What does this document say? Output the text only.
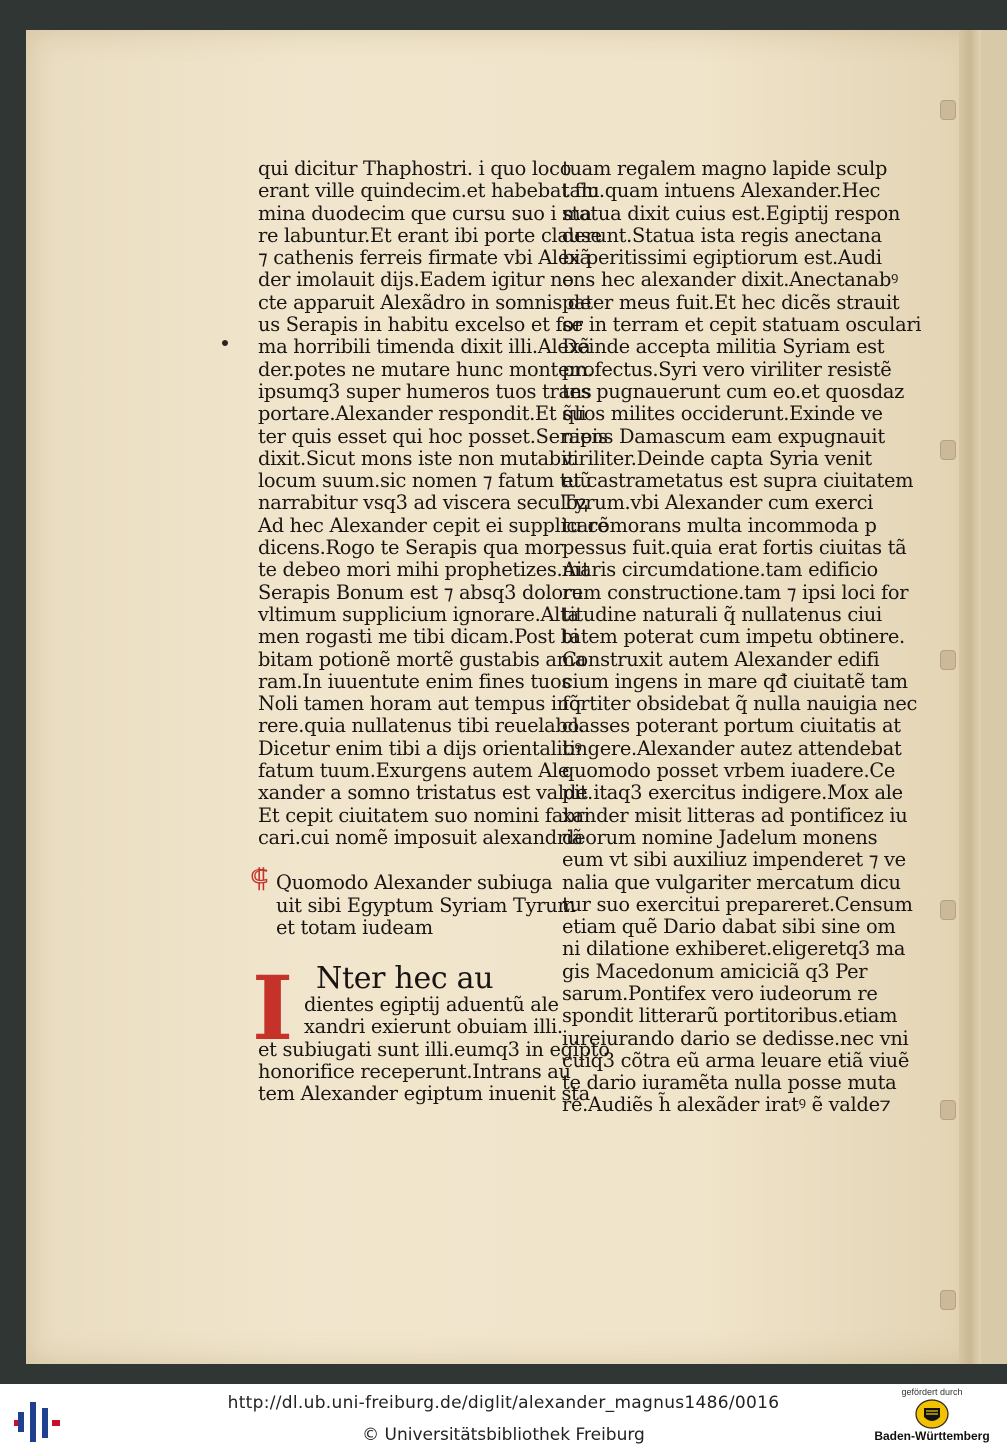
qui dicitur Thaphostri. i quo loco
erant ville quindecim.et habebat flu
mina duodecim que cursu suo i ma
re labuntur.Et erant ibi porte clause
⁊ cathenis ferreis firmate vbi Alexã
der imolauit dijs.Eadem igitur no
cte apparuit Alexãdro in somnis de
us Serapis in habitu excelso et for
ma horribili timenda dixit illi.Alexã
der.potes ne mutare hunc montem.
ipsumq3 super humeros tuos trans
portare.Alexander respondit.Et q̃li
ter quis esset qui hoc posset.Serapis
dixit.Sicut mons iste non mutabit
locum suum.sic nomen ⁊ fatum tuũ
narrabitur vsq3 ad viscera seculoꝝ
Ad hec Alexander cepit ei supplicare
dicens.Rogo te Serapis qua mor
te debeo mori mihi prophetizes.Ait
Serapis Bonum est ⁊ absq3 dolore
vltimum supplicium ignorare.Alta
men rogasti me tibi dicam.Post bi
bitam potionẽ mortẽ gustabis ama
ram.In iuuentute enim fines tuos
Noli tamen horam aut tempus inq̃
rere.quia nullatenus tibi reuelabo.
Dicetur enim tibi a dijs orientalibꝰ
fatum tuum.Exurgens autem Ale
xander a somno tristatus est valde.
Et cepit ciuitatem suo nomini fabri
cari.cui nomẽ imposuit alexandriã
⸿ Quomodo Alexander subiuga
uit sibi Egyptum Syriam Tyrum
et totam iudeam
I Nter hec au
dientes egiptij aduentũ ale
xandri exierunt obuiam illi.
et subiugati sunt illi.eumq3 in egipto
honorifice receperunt.Intrans au
tem Alexander egiptum inuenit sta
tuam regalem magno lapide sculp
tam.quam intuens Alexander.Hec
statua dixit cuius est.Egiptij respon
derunt.Statua ista regis anectana
bi peritissimi egiptiorum est.Audi
ens hec alexander dixit.Anectanabꝰ
pater meus fuit.Et hec dicẽs strauit
se in terram et cepit statuam osculari
Deinde accepta militia Syriam est
profectus.Syri vero viriliter resistẽ
tes pugnauerunt cum eo.et quosdaz
suos milites occiderunt.Exinde ve
niens Damascum eam expugnauit
viriliter.Deinde capta Syria venit
et castrametatus est supra ciuitatem
Tyrum.vbi Alexander cum exerci
tu cõmorans multa incommoda p
pessus fuit.quia erat fortis ciuitas tã
maris circumdatione.tam edificio
rum constructione.tam ⁊ ipsi loci for
titudine naturali q̃ nullatenus ciui
tatem poterat cum impetu obtinere.
Construxit autem Alexander edifi
cium ingens in mare qđ ciuitatẽ tam
fortiter obsidebat q̃ nulla nauigia nec
classes poterant portum ciuitatis at
tingere.Alexander autez attendebat
quomodo posset vrbem iuadere.Ce
pit itaq3 exercitus indigere.Mox ale
xander misit litteras ad pontificez iu
deorum nomine Jadelum monens
eum vt sibi auxiliuz impenderet ⁊ ve
nalia que vulgariter mercatum dicu
tur suo exercitui prepareret.Censum
etiam quẽ Dario dabat sibi sine om
ni dilatione exhiberet.eligeretq3 ma
gis Macedonum amiciciã q3 Per
sarum.Pontifex vero iudeorum re
spondit litterarũ portitoribus.etiam
iureiurando dario se dedisse.nec vni
cuiq3 cõtra eũ arma leuare etiã viuẽ
te dario iuramẽta nulla posse muta
re.Audiẽs h̃ alexãder iratꝰ ẽ valde⁊
http://dl.ub.uni-freiburg.de/diglit/alexander_magnus1486/0016
© Universitätsbibliothek Freiburg
gefördert durch
Baden-Württemberg
